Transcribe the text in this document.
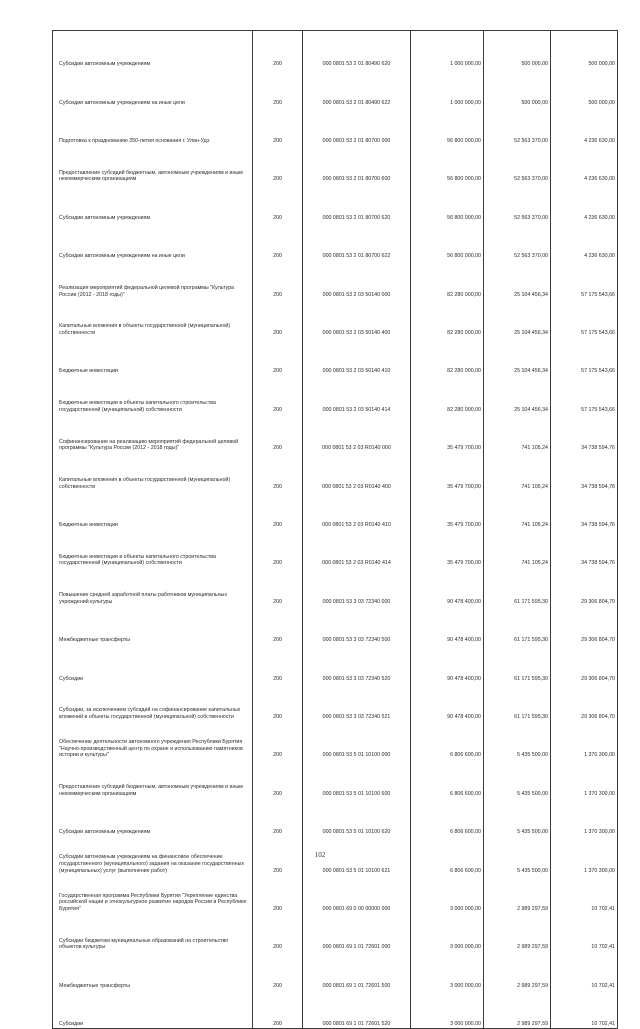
Субсидии автономным учреждениям	200	000 0801 53 2 01 80490 620	1 000 000,00	500 000,00	500 000,00

Субсидии автономным учреждениям на иные цели	200	000 0801 53 2 01 80490 622	1 000 000,00	500 000,00	500 000,00

Подготовка к празднованию 350-летия основания г. Улан-Удэ	200	000 0801 53 2 01 80700 000	56 800 000,00	52 563 370,00	4 236 630,00

Предоставление субсидий бюджетным, автономным учреждениям и иным некоммерческим организациям	200	000 0801 53 2 01 80700 600	56 800 000,00	52 563 370,00	4 236 630,00

Субсидии автономным учреждениям	200	000 0801 53 2 01 80700 620	56 800 000,00	52 563 370,00	4 236 630,00

Субсидии автономным учреждениям на иные цели	200	000 0801 53 2 01 80700 622	56 800 000,00	52 563 370,00	4 236 630,00

Реализация мероприятий федеральной целевой программы "Культура России (2012 - 2018 годы)"	200	000 0801 53 2 03 50140 000	82 280 000,00	25 104 456,34	57 175 543,66

Капитальные вложения в объекты государственной (муниципальной) собственности	200	000 0801 53 2 03 50140 400	82 280 000,00	25 104 456,34	57 175 543,66

Бюджетные инвестиции	200	000 0801 53 2 03 50140 410	82 280 000,00	25 104 456,34	57 175 543,66

Бюджетные инвестиции в объекты капитального строительства государственной (муниципальной) собственности	200	000 0801 53 2 03 50140 414	82 280 000,00	25 104 456,34	57 175 543,66

Софинансирование на реализацию мероприятий федеральной целевой программы "Культура России (2012 - 2018 годы)"	200	000 0801 53 2 03 R0140 000	35 479 700,00	741 105,24	34 738 594,76

Капитальные вложения в объекты государственной (муниципальной) собственности	200	000 0801 53 2 03 R0140 400	35 479 700,00	741 105,24	34 738 594,76

Бюджетные инвестиции	200	000 0801 53 2 03 R0140 410	35 479 700,00	741 105,24	34 738 594,76

Бюджетные инвестиции в объекты капитального строительства государственной (муниципальной) собственности	200	000 0801 53 2 03 R0140 414	35 479 700,00	741 105,24	34 738 594,76

Повышение средней заработной платы работников муниципальных учреждений культуры	200	000 0801 53 3 03 72340 000	90 478 400,00	61 171 595,30	29 306 804,70

Межбюджетные трансферты	200	000 0801 53 3 03 72340 500	90 478 400,00	61 171 595,30	29 306 804,70

Субсидии	200	000 0801 53 3 03 72340 520	90 478 400,00	61 171 595,30	29 306 804,70

Субсидии, за исключением субсидий на софинансирование капитальных вложений в объекты государственной (муниципальной) собственности	200	000 0801 53 3 03 72340 521	90 478 400,00	61 171 595,30	29 306 804,70

Обеспечение деятельности автономного учреждения Республики Бурятия "Научно-производственный центр по охране и использованию памятников истории и культуры"	200	000 0801 53 5 01 10100 000	6 806 600,00	5 435 500,00	1 370 300,00

Предоставление субсидий бюджетным, автономным учреждениям и иным некоммерческим организациям	200	000 0801 53 5 01 10100 600	6 806 600,00	5 435 500,00	1 370 300,00

Субсидии автономным учреждениям	200	000 0801 53 5 01 10100 620	6 806 600,00	5 435 500,00	1 370 300,00

Субсидии автономным учреждениям на финансовое обеспечение государственного (муниципального) задания на оказание государственных (муниципальных) услуг (выполнение работ)	200	000 0801 53 5 01 10100 621	6 806 600,00	5 435 500,00	1 370 300,00

Государственная программа Республики Бурятия "Укрепление единства российской нации и этнокультурное развитие народов России в Республике Бурятия"	200	000 0801 69 0 00 00000 000	3 000 000,00	2 989 297,59	10 702,41

Субсидии бюджетам муниципальных образований на строительство объектов культуры	200	000 0801 69 1 01 72601 000	3 000 000,00	2 989 297,59	10 702,41

Межбюджетные трансферты	200	000 0801 69 1 01 72601 500	3 000 000,00	2 989 297,59	10 702,41

Субсидии	200	000 0801 69 1 01 72601 520	3 000 000,00	2 989 297,59	10 702,41
102
